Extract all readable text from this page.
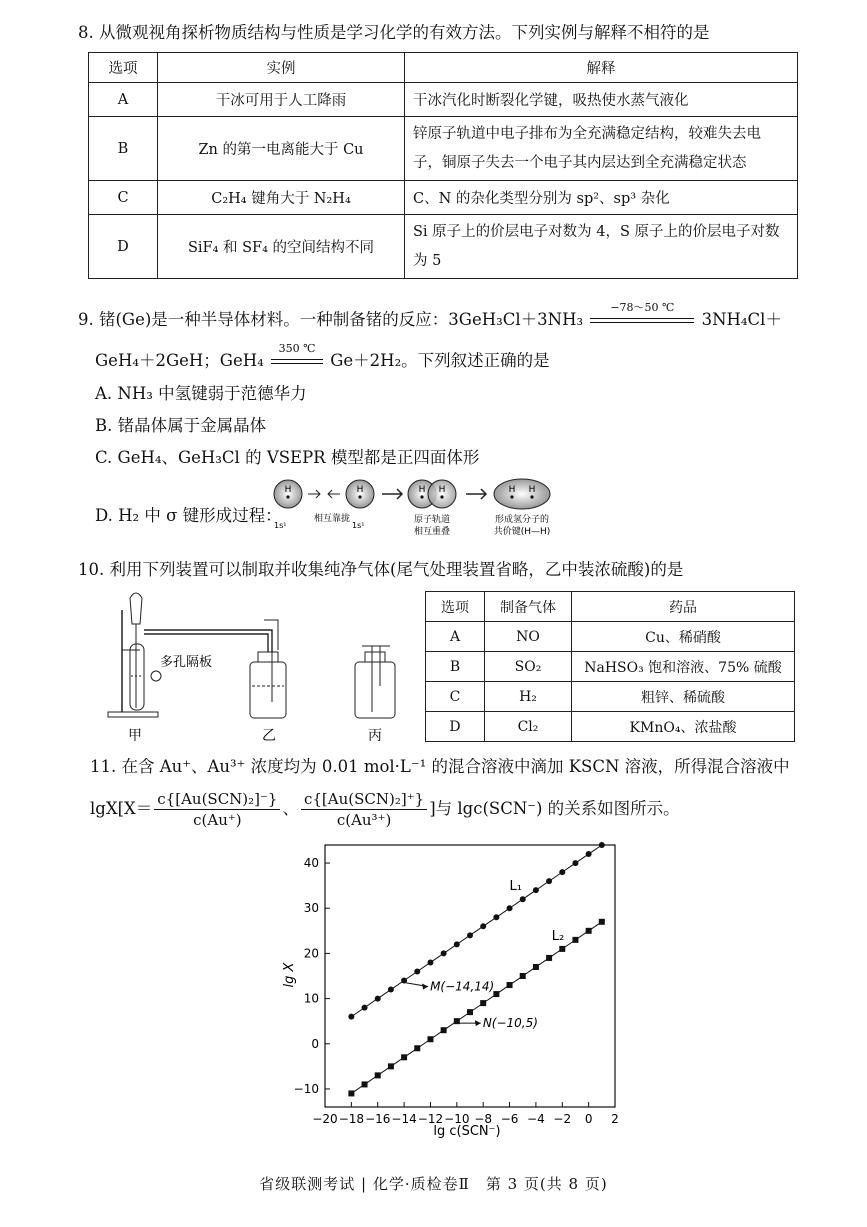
8. 从微观视角探析物质结构与性质是学习化学的有效方法。下列实例与解释不相符的是
选项	实例	解释
A	干冰可用于人工降雨	干冰汽化时断裂化学键，吸热使水蒸气液化
B	Zn 的第一电离能大于 Cu	锌原子轨道中电子排布为全充满稳定结构，较难失去电
子，铜原子失去一个电子其内层达到全充满稳定状态

C	C₂H₄ 键角大于 N₂H₄	C、N 的杂化类型分别为 sp²、sp³ 杂化
D	SiF₄ 和 SF₄ 的空间结构不同	Si 原子上的价层电子对数为 4，S 原子上的价层电子对数
为 5
9. 锗(Ge)是一种半导体材料。一种制备锗的反应：3GeH₃Cl＋3NH₃
−78～50 ℃
3NH₄Cl＋
GeH₄＋2GeH；GeH₄
350 ℃
Ge＋2H₂。下列叙述正确的是
A. NH₃ 中氢键弱于范德华力
B. 锗晶体属于金属晶体
C. GeH₄、GeH₃Cl 的 VSEPR 模型都是正四面体形
D. H₂ 中 σ 键形成过程：
H
1s¹
相互靠拢
H
1s¹
H H
原子轨道
相互重叠
H H
形成氢分子的
共价键(H—H)
10. 利用下列装置可以制取并收集纯净气体(尾气处理装置省略，乙中装浓硫酸)的是
多孔隔板
甲	乙	丙
选项	制备气体	药品
A	NO	Cu、稀硝酸
B	SO₂	NaHSO₃ 饱和溶液、75% 硫酸
C	H₂	粗锌、稀硫酸
D	Cl₂	KMnO₄、浓盐酸
11. 在含 Au⁺、Au³⁺ 浓度均为 0.01 mol·L⁻¹ 的混合溶液中滴加 KSCN 溶液，所得混合溶液中
lgX[X＝
c{[Au(SCN)₂]⁻}
c(Au⁺)
、
c{[Au(SCN)₂]⁺}
c(Au³⁺)
]与 lgc(SCN⁻) 的关系如图所示。
−20 −18 −16 −14 −12 −10 −8 −6 −4 −2 0 2
−10
0
10
20
30
40
L₁
L₂
M(−14,14)
N(−10,5)
lg c(SCN⁻)
lg X
省级联测考试 | 化学·质检卷Ⅱ　第 3 页(共 8 页)
